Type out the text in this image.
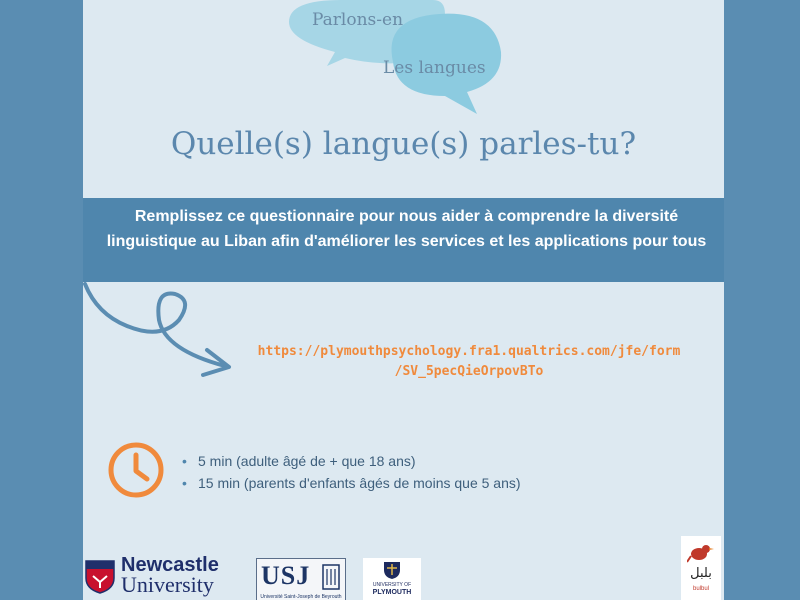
Parlons-en
Les langues
Quelle(s) langue(s) parles-tu?
Remplissez ce questionnaire pour nous aider à comprendre la diversité linguistique au Liban afin d'améliorer les services et les applications pour tous
https://plymouthpsychology.fra1.qualtrics.com/jfe/form
/SV_5pecQieOrpovBTo
• 5 min (adulte âgé de + que 18 ans)
• 15 min (parents d'enfants âgés de moins que 5 ans)
Newcastle
University USJ
Université Saint-Joseph de Beyrouth
UNIVERSITY OF
PLYMOUTH
بلبل
bulbul
